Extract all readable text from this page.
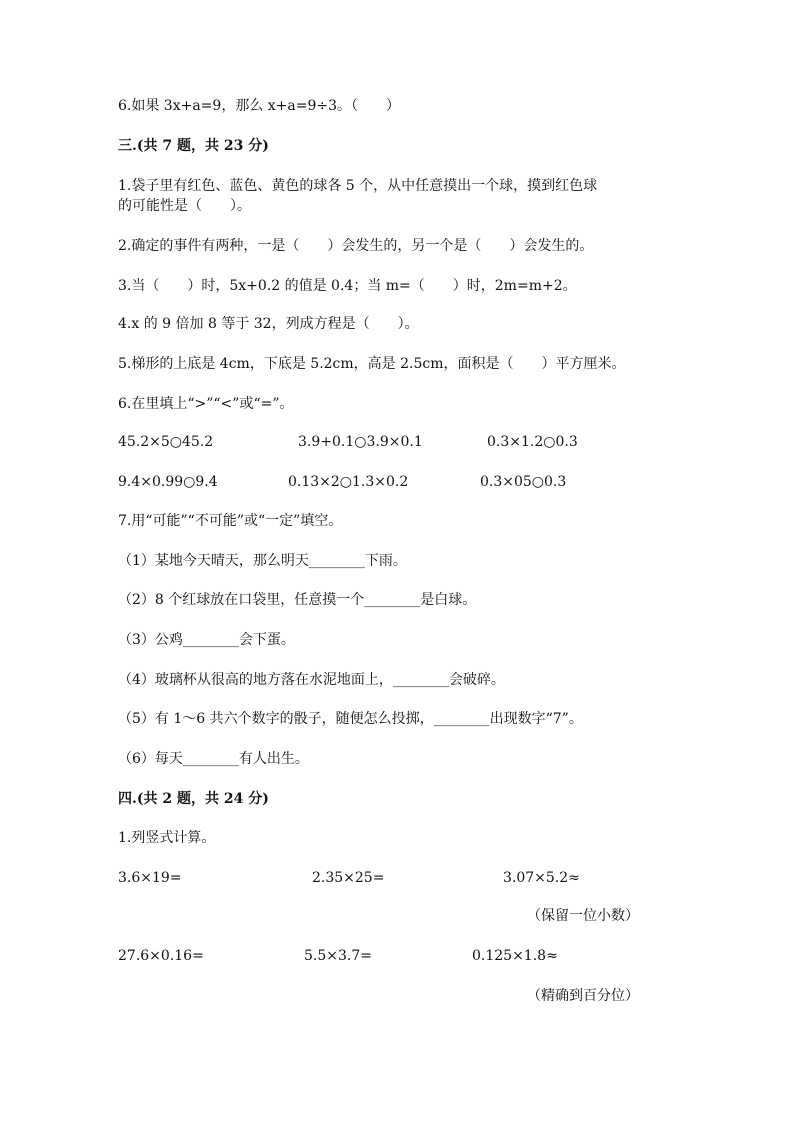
6.如果 3x+a=9，那么 x+a=9÷3。（　　）
三.(共 7 题，共 23 分)
1.袋子里有红色、蓝色、黄色的球各 5 个，从中任意摸出一个球，摸到红色球
的可能性是（　　）。
2.确定的事件有两种，一是（　　）会发生的，另一个是（　　）会发生的。
3.当（　　）时，5x+0.2 的值是 0.4；当 m=（　　）时，2m=m+2。
4.x 的 9 倍加 8 等于 32，列成方程是（　　）。
5.梯形的上底是 4cm，下底是 5.2cm，高是 2.5cm，面积是（　　）平方厘米。
6.在里填上“>”“<”或“=”。
45.2×5○45.2	3.9+0.1○3.9×0.1	0.3×1.2○0.3
9.4×0.99○9.4	0.13×2○1.3×0.2	0.3×05○0.3
7.用“可能”“不可能”或“一定”填空。
（1）某地今天晴天，那么明天________下雨。
（2）8 个红球放在口袋里，任意摸一个________是白球。
（3）公鸡________会下蛋。
（4）玻璃杯从很高的地方落在水泥地面上，________会破碎。
（5）有 1～6 共六个数字的骰子，随便怎么投掷，________出现数字“7”。
（6）每天________有人出生。
四.(共 2 题，共 24 分)
1.列竖式计算。
3.6×19=	2.35×25=	3.07×5.2≈
（保留一位小数）
27.6×0.16=	5.5×3.7=	0.125×1.8≈
（精确到百分位）
